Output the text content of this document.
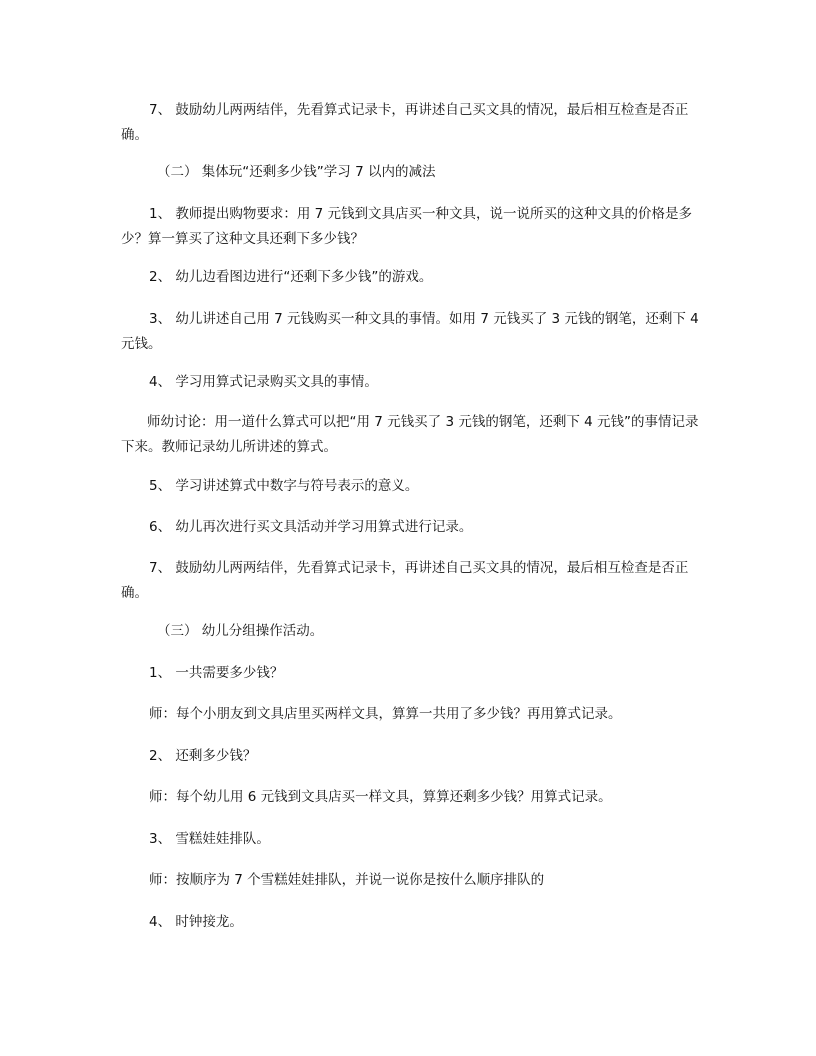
7、 鼓励幼儿两两结伴，先看算式记录卡，再讲述自己买文具的情况，最后相互检查是否正确。

（二） 集体玩“还剩多少钱”学习 7 以内的减法

1、 教师提出购物要求：用 7 元钱到文具店买一种文具，说一说所买的这种文具的价格是多少？算一算买了这种文具还剩下多少钱？

2、 幼儿边看图边进行“还剩下多少钱”的游戏。

3、 幼儿讲述自己用 7 元钱购买一种文具的事情。如用 7 元钱买了 3 元钱的钢笔，还剩下 4 元钱。

4、 学习用算式记录购买文具的事情。

师幼讨论：用一道什么算式可以把“用 7 元钱买了 3 元钱的钢笔，还剩下 4 元钱”的事情记录下来。教师记录幼儿所讲述的算式。

5、 学习讲述算式中数字与符号表示的意义。

6、 幼儿再次进行买文具活动并学习用算式进行记录。

7、 鼓励幼儿两两结伴，先看算式记录卡，再讲述自己买文具的情况，最后相互检查是否正确。

（三） 幼儿分组操作活动。

1、 一共需要多少钱？

师：每个小朋友到文具店里买两样文具，算算一共用了多少钱？再用算式记录。

2、 还剩多少钱？

师：每个幼儿用 6 元钱到文具店买一样文具，算算还剩多少钱？用算式记录。

3、 雪糕娃娃排队。

师：按顺序为 7 个雪糕娃娃排队，并说一说你是按什么顺序排队的

4、 时钟接龙。
